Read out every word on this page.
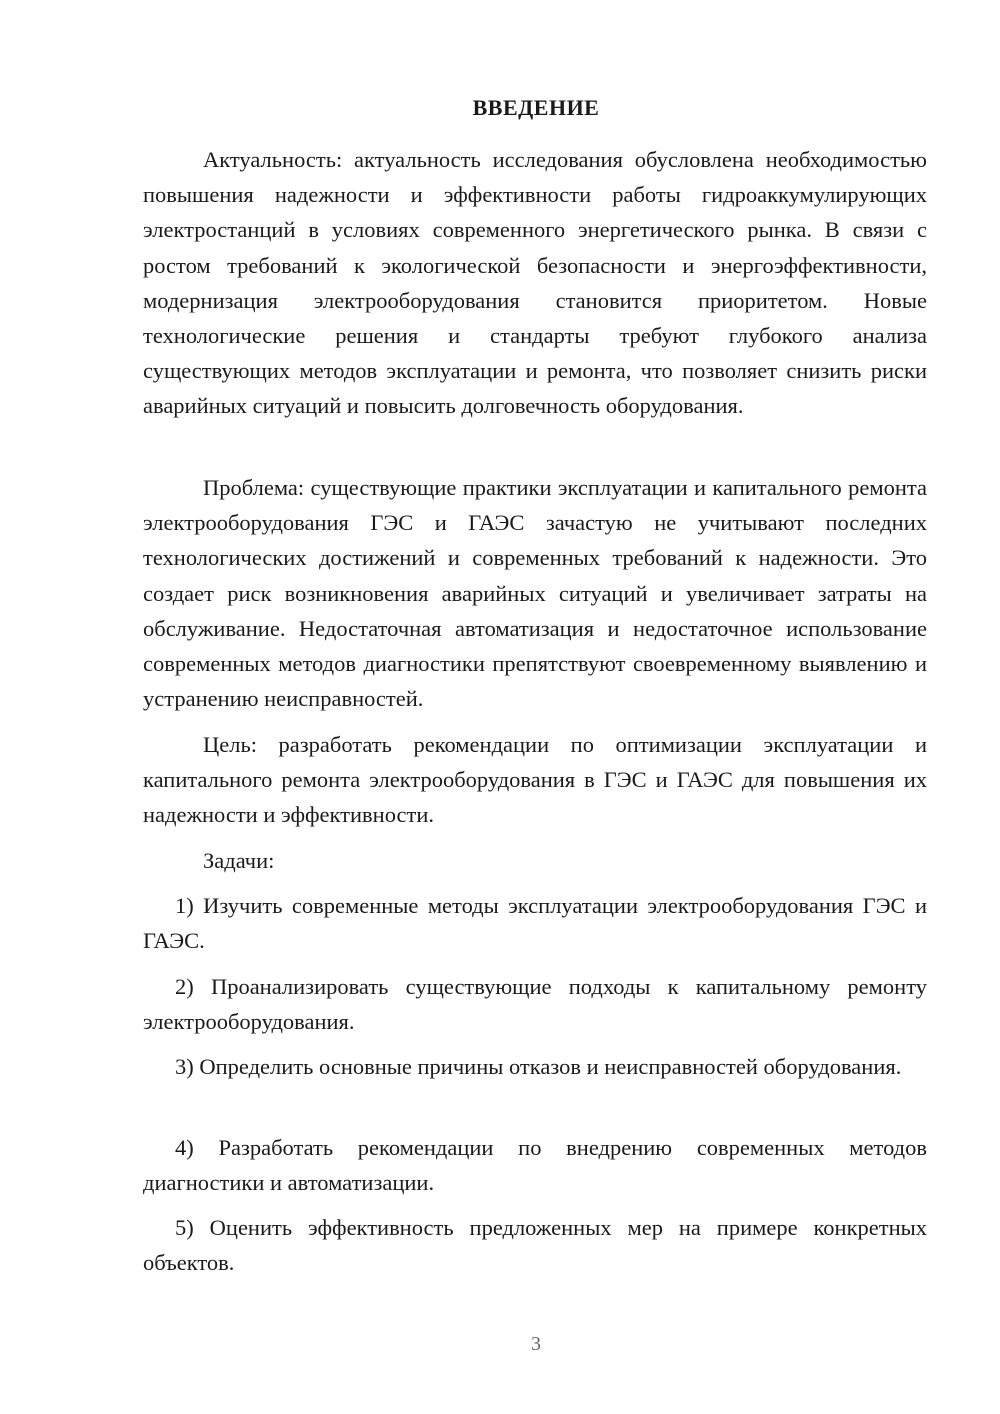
ВВЕДЕНИЕ

Актуальность: актуальность исследования обусловлена необходимостью повышения надежности и эффективности работы гидроаккумулирующих электростанций в условиях современного энергетического рынка. В связи с ростом требований к экологической безопасности и энергоэффективности, модернизация электрооборудования становится приоритетом. Новые технологические решения и стандарты требуют глубокого анализа существующих методов эксплуатации и ремонта, что позволяет снизить риски аварийных ситуаций и повысить долговечность оборудования.

Проблема: существующие практики эксплуатации и капитального ремонта электрооборудования ГЭС и ГАЭС зачастую не учитывают последних технологических достижений и современных требований к надежности. Это создает риск возникновения аварийных ситуаций и увеличивает затраты на обслуживание. Недостаточная автоматизация и недостаточное использование современных методов диагностики препятствуют своевременному выявлению и устранению неисправностей.

Цель: разработать рекомендации по оптимизации эксплуатации и капитального ремонта электрооборудования в ГЭС и ГАЭС для повышения их надежности и эффективности.

Задачи:

1) Изучить современные методы эксплуатации электрооборудования ГЭС и ГАЭС.

2) Проанализировать существующие подходы к капитальному ремонту электрооборудования.

3) Определить основные причины отказов и неисправностей оборудования.

4) Разработать рекомендации по внедрению современных методов диагностики и автоматизации.

5) Оценить эффективность предложенных мер на примере конкретных объектов.

3
